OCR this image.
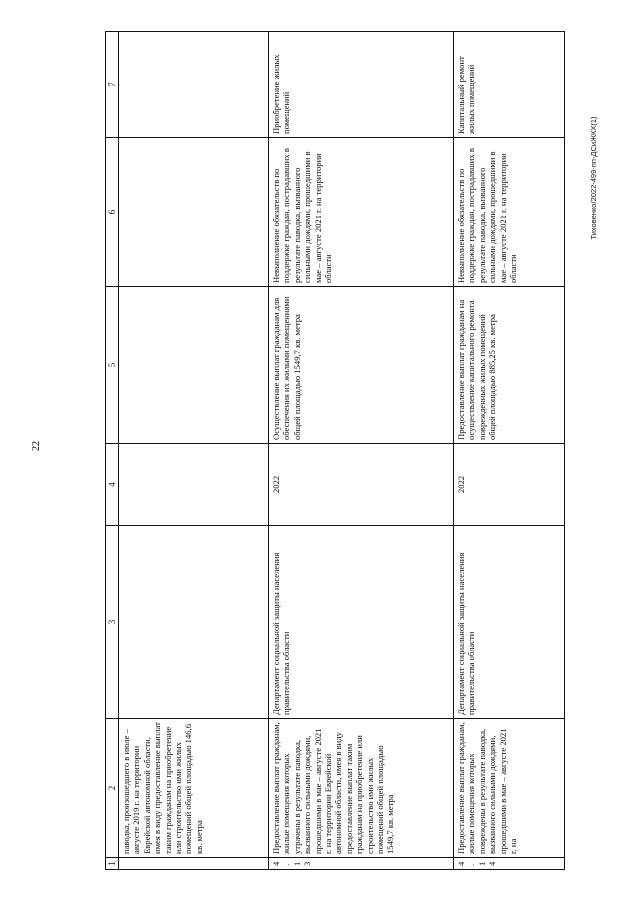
22
Тиховенко/2022-499-пп-ДСиЖКХ(1)
1	2	3	4	5	6	7
	паводка, произошедшего в июле – августе 2019 г. на территории Еврейской автономной области, имея в виду предоставление выплат таким гражданам на приобретение или строительство ими жилых помещений общей площадью 146,6 кв. метра					
4.13	Предоставление выплат гражданам, жилые помещения которых утрачены в результате паводка, вызванного сильными дождями, прошедшими в мае – августе 2021 г. на территории Еврейской автономной области, имея в виду предоставление выплат таким гражданам на приобретение или строительство ими жилых помещений общей площадью 1549,7 кв. метра	Департамент социальной защиты населения правительства области	2022	Осуществление выплат гражданам для обеспечения их жилыми помещениями общей площадью 1549,7 кв. метра	Невыполнение обязательств по поддержке граждан, пострадавших в результате паводка, вызванного сильными дождями, прошедшими в мае – августе 2021 г. на территории области	Приобретение жилых помещений
4.14	Предоставление выплат гражданам, жилые помещения которых повреждены в результате паводка, вызванного сильными дождями, прошедшими в мае – августе 2021 г. на	Департамент социальной защиты населения правительства области	2022	Предоставление выплат гражданам на осуществление капитального ремонта поврежденных жилых помещений общей площадью 885,25 кв. метра	Невыполнение обязательств по поддержке граждан, пострадавших в результате паводка, вызванного сильными дождями, прошедшими в мае – августе 2021 г. на территории области	Капитальный ремонт жилых помещений
